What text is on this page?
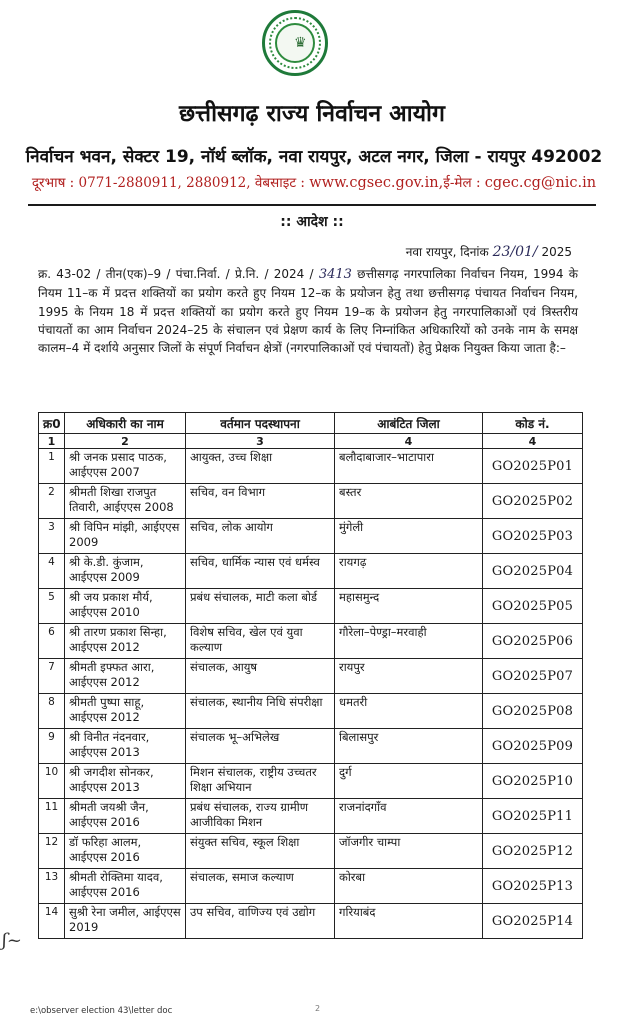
♛
छत्तीसगढ़ राज्य निर्वाचन आयोग
निर्वाचन भवन, सेक्टर 19, नॉर्थ ब्लॉक, नवा रायपुर, अटल नगर, जिला - रायपुर 492002
दूरभाष : 0771-2880911, 2880912, वेबसाइट : www.cgsec.gov.in,ई-मेल : cgec.cg@nic.in
:: आदेश ::
नवा रायपुर, दिनांक 23/01/ 2025
क्र. 43-02 / तीन(एक)–9 / पंचा.निर्वा. / प्रे.नि. / 2024 / 3413 छत्तीसगढ़ नगरपालिका निर्वाचन नियम, 1994 के नियम 11–क में प्रदत्त शक्तियों का प्रयोग करते हुए नियम 12–क के प्रयोजन हेतु तथा छत्तीसगढ़ पंचायत निर्वाचन नियम, 1995 के नियम 18 में प्रदत्त शक्तियों का प्रयोग करते हुए नियम 19–क के प्रयोजन हेतु नगरपालिकाओं एवं त्रिस्तरीय पंचायतों का आम निर्वाचन 2024–25 के संचालन एवं प्रेक्षण कार्य के लिए निम्नांकित अधिकारियों को उनके नाम के समक्ष कालम–4 में दर्शाये अनुसार जिलों के संपूर्ण निर्वाचन क्षेत्रों (नगरपालिकाओं एवं पंचायतों) हेतु प्रेक्षक नियुक्त किया जाता है:–
क्र0	अधिकारी का नाम	वर्तमान पदस्थापना	आबंटित जिला	कोड नं.
1	2	3	4	4
1	श्री जनक प्रसाद पाठक, आईएएस 2007	आयुक्त, उच्च शिक्षा	बलौदाबाजार–भाटापारा	GO2025P01
2	श्रीमती शिखा राजपुत तिवारी, आईएएस 2008	सचिव, वन विभाग	बस्तर	GO2025P02
3	श्री विपिन मांझी, आईएएस 2009	सचिव, लोक आयोग	मुंगेली	GO2025P03
4	श्री के.डी. कुंजाम, आईएएस 2009	सचिव, धार्मिक न्यास एवं धर्मस्व	रायगढ़	GO2025P04
5	श्री जय प्रकाश मौर्य, आईएएस 2010	प्रबंध संचालक, माटी कला बोर्ड	महासमुन्द	GO2025P05
6	श्री तारण प्रकाश सिन्हा, आईएएस 2012	विशेष सचिव, खेल एवं युवा कल्याण	गौरेला–पेण्ड्रा–मरवाही	GO2025P06
7	श्रीमती इफ्फत आरा, आईएएस 2012	संचालक, आयुष	रायपुर	GO2025P07
8	श्रीमती पुष्पा साहू, आईएएस 2012	संचालक, स्थानीय निधि संपरीक्षा	धमतरी	GO2025P08
9	श्री विनीत नंदनवार, आईएएस 2013	संचालक भू–अभिलेख	बिलासपुर	GO2025P09
10	श्री जगदीश सोनकर, आईएएस 2013	मिशन संचालक, राष्ट्रीय उच्चतर शिक्षा अभियान	दुर्ग	GO2025P10
11	श्रीमती जयश्री जैन, आईएएस 2016	प्रबंध संचालक, राज्य ग्रामीण आजीविका मिशन	राजनांदगाँव	GO2025P11
12	डॉ फरिहा आलम, आईएएस 2016	संयुक्त सचिव, स्कूल शिक्षा	जॉजगीर चाम्पा	GO2025P12
13	श्रीमती रोक्तिमा यादव, आईएएस 2016	संचालक, समाज कल्याण	कोरबा	GO2025P13
14	सुश्री रेना जमील, आईएएस 2019	उप सचिव, वाणिज्य एवं उद्योग	गरियाबंद	GO2025P14
ʃ~
e:\observer election 43\letter doc	2
